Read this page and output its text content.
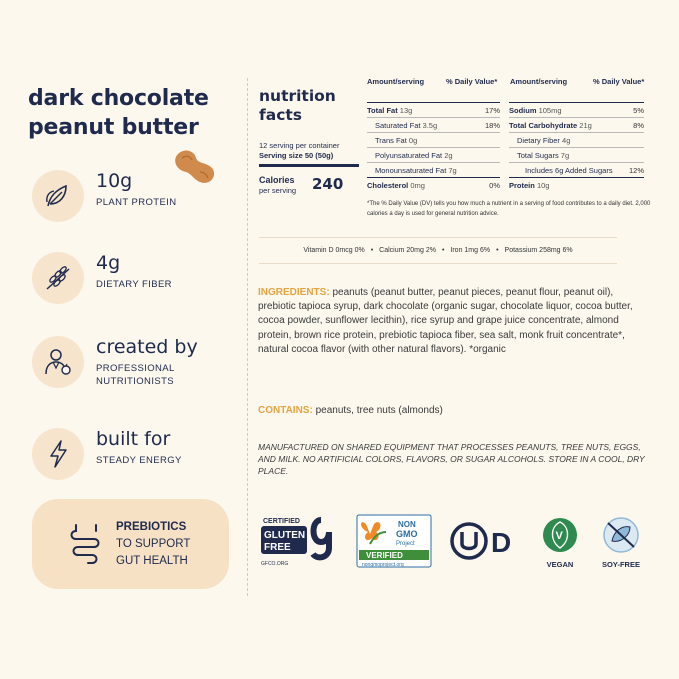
dark chocolate
peanut butter
10g
PLANT PROTEIN
4g
DIETARY FIBER
created by
PROFESSIONAL
NUTRITIONISTS
built for
STEADY ENERGY
PREBIOTICS
TO SUPPORT
GUT HEALTH
nutrition
facts
12 serving per container
Serving size 50 (50g)
Calories
per serving 240
Amount/serving	% Daily Value* Amount/serving	% Daily Value*
Total Fat 13g	17%
Saturated Fat 3.5g	18%
Trans Fat 0g
Polyunsaturated Fat 2g
Monounsaturated Fat 7g
Cholesterol 0mg	0%
Sodium 105mg	5%
Total Carbohydrate 21g	8%
Dietary Fiber 4g
Total Sugars 7g
Includes 6g Added Sugars 12%
Protein 10g
*The % Daily Value (DV) tells you how much a nutrient in a serving of food contributes to a daily diet. 2,000 calories a day is used for general nutrition advice.
Vitamin D 0mcg 0% • Calcium 20mg 2% • Iron 1mg 6% • Potassium 258mg 6%
INGREDIENTS: peanuts (peanut butter, peanut pieces, peanut flour, peanut oil), prebiotic tapioca syrup, dark chocolate (organic sugar, chocolate liquor, cocoa butter, cocoa powder, sunflower lecithin), rice syrup and grape juice concentrate, almond protein, brown rice protein, prebiotic tapioca fiber, sea salt, monk fruit concentrate*, natural cocoa flavor (with other natural flavors). *organic
CONTAINS: peanuts, tree nuts (almonds)
MANUFACTURED ON SHARED EQUIPMENT THAT PROCESSES PEANUTS, TREE NUTS, EGGS, AND MILK. NO ARTIFICIAL COLORS, FLAVORS, OR SUGAR ALCOHOLS. STORE IN A COOL, DRY PLACE.
CERTIFIED
GLUTEN
FREE
GFCO.ORG
NON
GMO
Project
VERIFIED
nongmoproject.org
D	V
VEGAN	SOY-FREE
